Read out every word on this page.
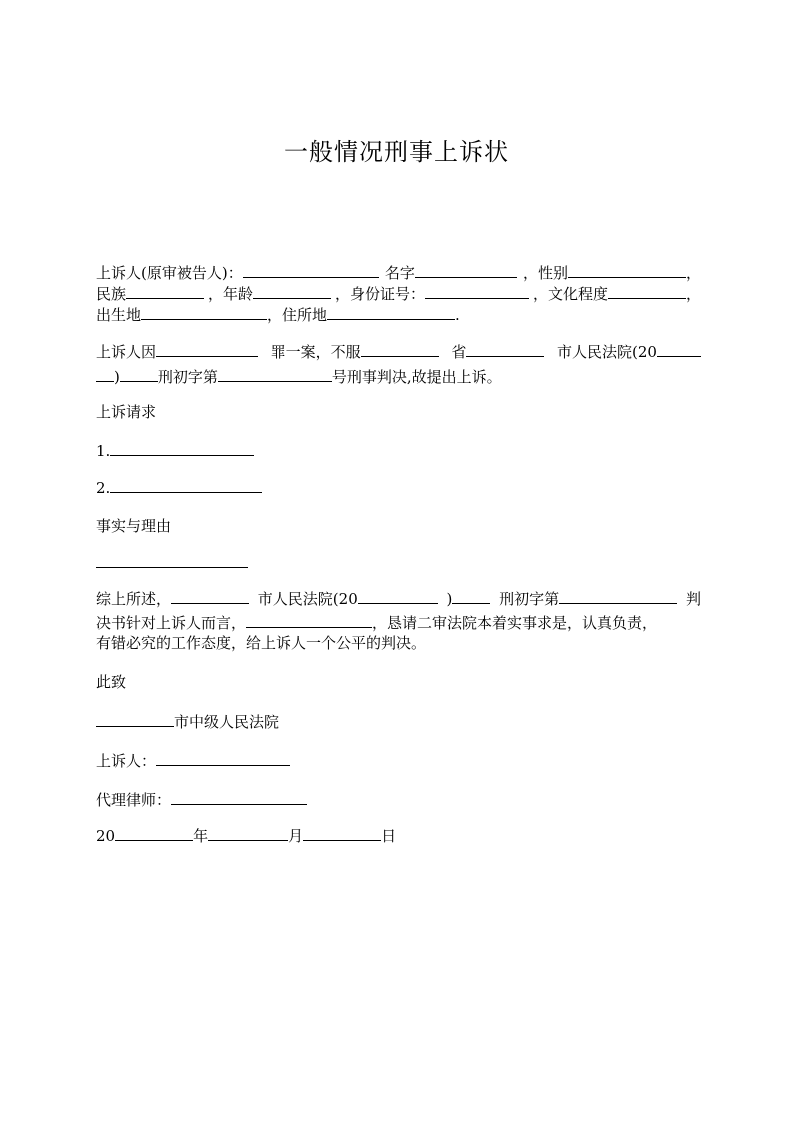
一般情况刑事上诉状
上诉人(原审被告人)：	名字	，性别	，
民族	，年龄	，身份证号：	，文化程度	，
出生地	，住所地	.
上诉人因	罪一案，不服	省	市人民法院(20
)	刑初字第	号刑事判决,故提出上诉。
上诉请求
1.
2.
事实与理由
综上所述，	市人民法院(20	)	刑初字第	判
决书针对上诉人而言，	，恳请二审法院本着实事求是，认真负责，
有错必究的工作态度，给上诉人一个公平的判决。
此致
市中级人民法院
上诉人：
代理律师：
20	年	月	日
